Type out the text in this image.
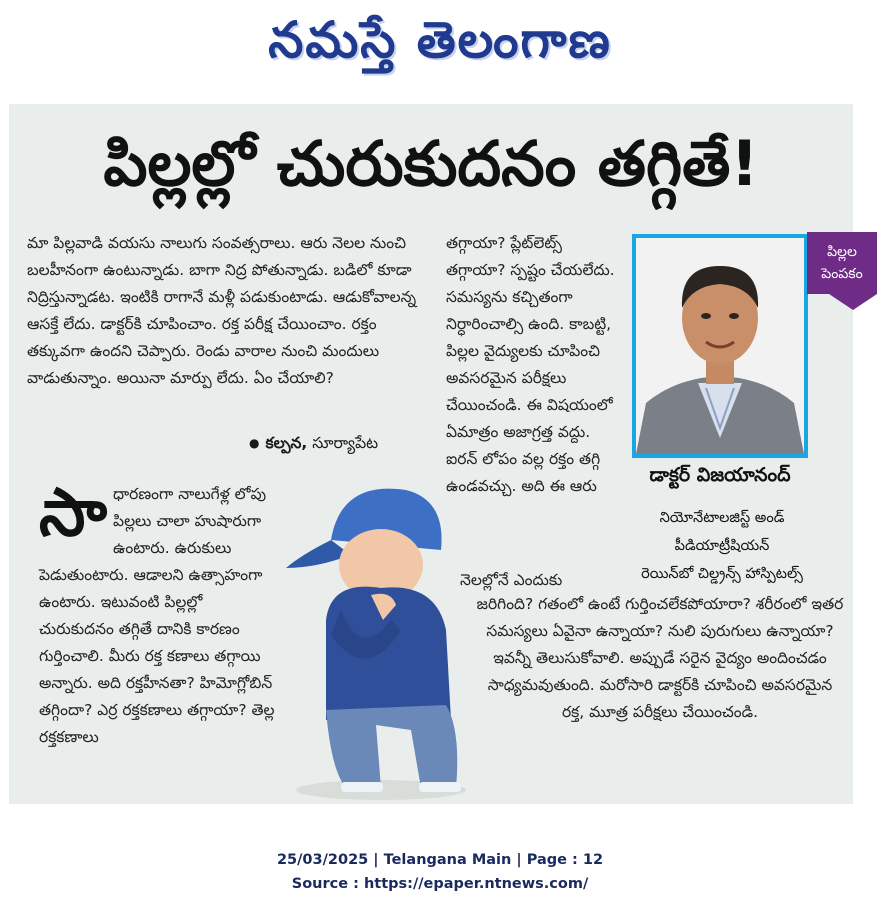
నమస్తే తెలంగాణ
పిల్లల్లో చురుకుదనం తగ్గితే!
మా పిల్లవాడి వయసు నాలుగు సంవత్సరాలు. ఆరు నెలల నుంచి బలహీనంగా ఉంటున్నాడు. బాగా నిద్ర పోతున్నాడు. బడిలో కూడా నిద్రిస్తున్నాడట. ఇంటికి రాగానే మళ్లీ పడుకుంటాడు. ఆడుకోవాలన్న ఆసక్తే లేదు. డాక్టర్‌కి చూపించాం. రక్త పరీక్ష చేయించాం. రక్తం తక్కువగా ఉందని చెప్పారు. రెండు వారాల నుంచి మందులు వాడుతున్నాం. అయినా మార్పు లేదు. ఏం చేయాలి?
● కల్పన, సూర్యాపేట
తగ్గాయా? ప్లేట్‌లెట్స్ తగ్గాయా? స్పష్టం చేయలేదు. సమస్యను కచ్చితంగా నిర్ధారించాల్సి ఉంది. కాబట్టి, పిల్లల వైద్యులకు చూపించి అవసరమైన పరీక్షలు చేయించండి. ఈ విషయంలో ఏమాత్రం అజాగ్రత్త వద్దు. ఐరన్ లోపం వల్ల రక్తం తగ్గి ఉండవచ్చు. అది ఈ ఆరు
నెలల్లోనే ఎందుకు
సాధారణంగా నాలుగేళ్ల లోపు పిల్లలు చాలా హుషారుగా ఉంటారు. ఉరుకులు పెడుతుంటారు. ఆడాలని ఉత్సాహంగా ఉంటారు. ఇటువంటి పిల్లల్లో చురుకుదనం తగ్గితే దానికి కారణం గుర్తించాలి. మీరు రక్త కణాలు తగ్గాయి అన్నారు. అది రక్తహీనతా? హిమోగ్లోబిన్ తగ్గిందా? ఎర్ర రక్తకణాలు తగ్గాయా? తెల్ల రక్తకణాలు
జరిగింది? గతంలో ఉంటే గుర్తించలేకపోయారా? శరీరంలో ఇతర సమస్యలు ఏవైనా ఉన్నాయా? నులి పురుగులు ఉన్నాయా? ఇవన్నీ తెలుసుకోవాలి. అప్పుడే సరైన వైద్యం అందించడం సాధ్యమవుతుంది. మరోసారి డాక్టర్‌కి చూపించి అవసరమైన రక్త, మూత్ర పరీక్షలు చేయించండి.
పిల్లల
పెంపకం
డాక్టర్ విజయానంద్
నియోనేటాలజిస్ట్ అండ్
పీడియాట్రీషియన్
రెయిన్‌బో చిల్డ్రన్స్ హాస్పిటల్స్
25/03/2025 | Telangana Main | Page : 12
Source : https://epaper.ntnews.com/
